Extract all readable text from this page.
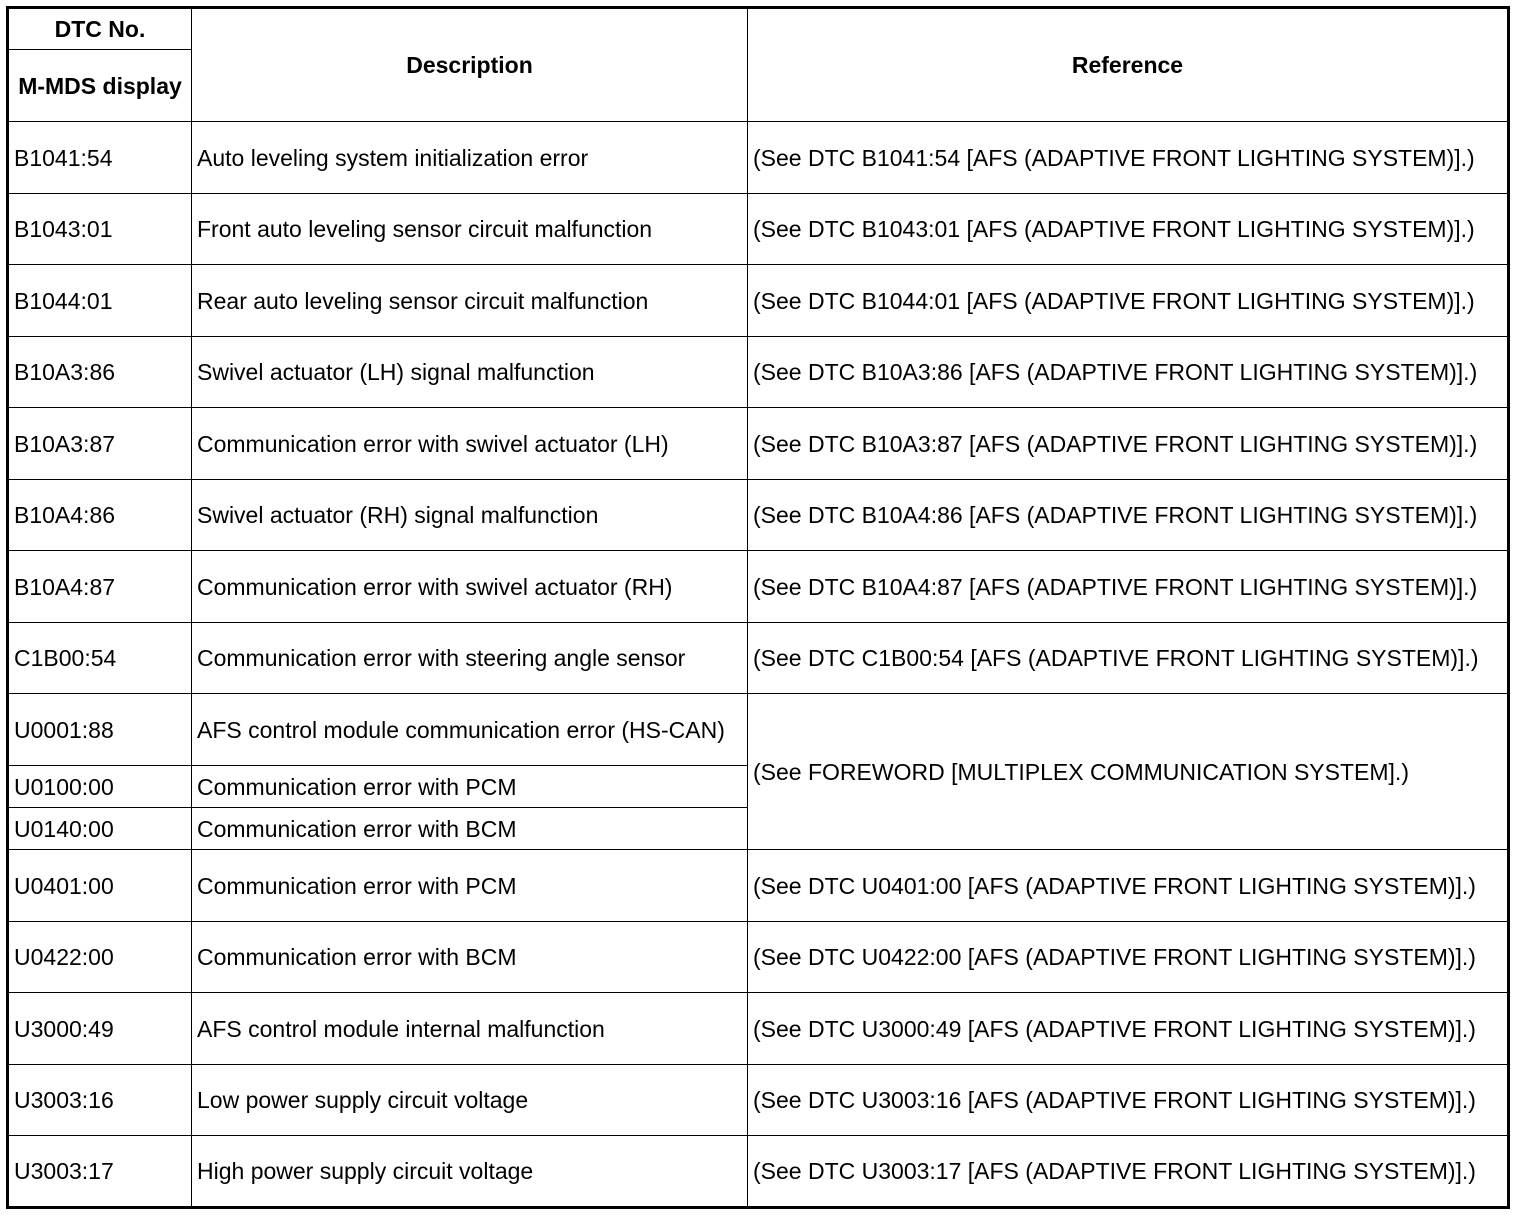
DTC No.	Description	Reference
M-MDS display		
B1041:54	Auto leveling system initialization error	(See DTC B1041:54 [AFS (ADAPTIVE FRONT LIGHTING SYSTEM)].)
B1043:01	Front auto leveling sensor circuit malfunction	(See DTC B1043:01 [AFS (ADAPTIVE FRONT LIGHTING SYSTEM)].)
B1044:01	Rear auto leveling sensor circuit malfunction	(See DTC B1044:01 [AFS (ADAPTIVE FRONT LIGHTING SYSTEM)].)
B10A3:86	Swivel actuator (LH) signal malfunction	(See DTC B10A3:86 [AFS (ADAPTIVE FRONT LIGHTING SYSTEM)].)
B10A3:87	Communication error with swivel actuator (LH)	(See DTC B10A3:87 [AFS (ADAPTIVE FRONT LIGHTING SYSTEM)].)
B10A4:86	Swivel actuator (RH) signal malfunction	(See DTC B10A4:86 [AFS (ADAPTIVE FRONT LIGHTING SYSTEM)].)
B10A4:87	Communication error with swivel actuator (RH)	(See DTC B10A4:87 [AFS (ADAPTIVE FRONT LIGHTING SYSTEM)].)
C1B00:54	Communication error with steering angle sensor	(See DTC C1B00:54 [AFS (ADAPTIVE FRONT LIGHTING SYSTEM)].)
U0001:88	AFS control module communication error (HS-CAN)	(See FOREWORD [MULTIPLEX COMMUNICATION SYSTEM].)
U0100:00	Communication error with PCM	
U0140:00	Communication error with BCM	
U0401:00	Communication error with PCM	(See DTC U0401:00 [AFS (ADAPTIVE FRONT LIGHTING SYSTEM)].)
U0422:00	Communication error with BCM	(See DTC U0422:00 [AFS (ADAPTIVE FRONT LIGHTING SYSTEM)].)
U3000:49	AFS control module internal malfunction	(See DTC U3000:49 [AFS (ADAPTIVE FRONT LIGHTING SYSTEM)].)
U3003:16	Low power supply circuit voltage	(See DTC U3003:16 [AFS (ADAPTIVE FRONT LIGHTING SYSTEM)].)
U3003:17	High power supply circuit voltage	(See DTC U3003:17 [AFS (ADAPTIVE FRONT LIGHTING SYSTEM)].)
